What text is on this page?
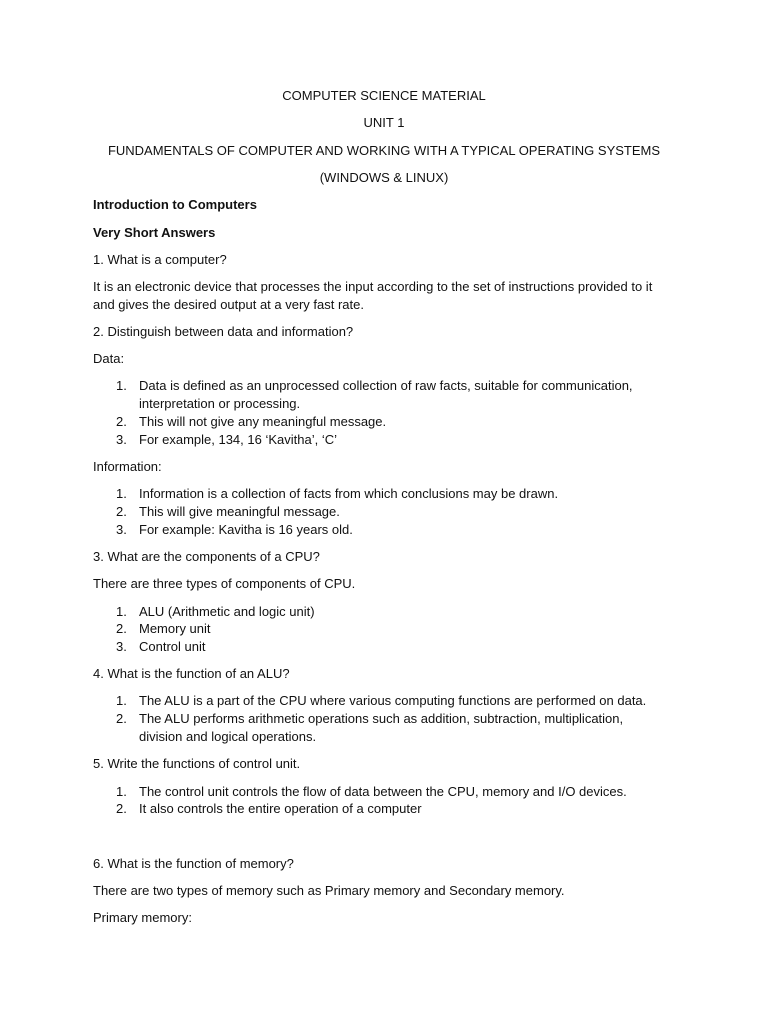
COMPUTER SCIENCE MATERIAL
UNIT 1
FUNDAMENTALS OF COMPUTER AND WORKING WITH A TYPICAL OPERATING SYSTEMS
(WINDOWS & LINUX)
Introduction to Computers
Very Short Answers
1. What is a computer?
It is an electronic device that processes the input according to the set of instructions provided to it
and gives the desired output at a very fast rate.
2. Distinguish between data and information?
Data:
1. Data is defined as an unprocessed collection of raw facts, suitable for communication,
interpretation or processing.
2. This will not give any meaningful message.
3. For example, 134, 16 ‘Kavitha’, ‘C’
Information:
1. Information is a collection of facts from which conclusions may be drawn.
2. This will give meaningful message.
3. For example: Kavitha is 16 years old.
3. What are the components of a CPU?
There are three types of components of CPU.
1. ALU (Arithmetic and logic unit)
2. Memory unit
3. Control unit
4. What is the function of an ALU?
1. The ALU is a part of the CPU where various computing functions are performed on data.
2. The ALU performs arithmetic operations such as addition, subtraction, multiplication,
division and logical operations.
5. Write the functions of control unit.
1. The control unit controls the flow of data between the CPU, memory and I/O devices.
2. It also controls the entire operation of a computer
6. What is the function of memory?
There are two types of memory such as Primary memory and Secondary memory.
Primary memory:
